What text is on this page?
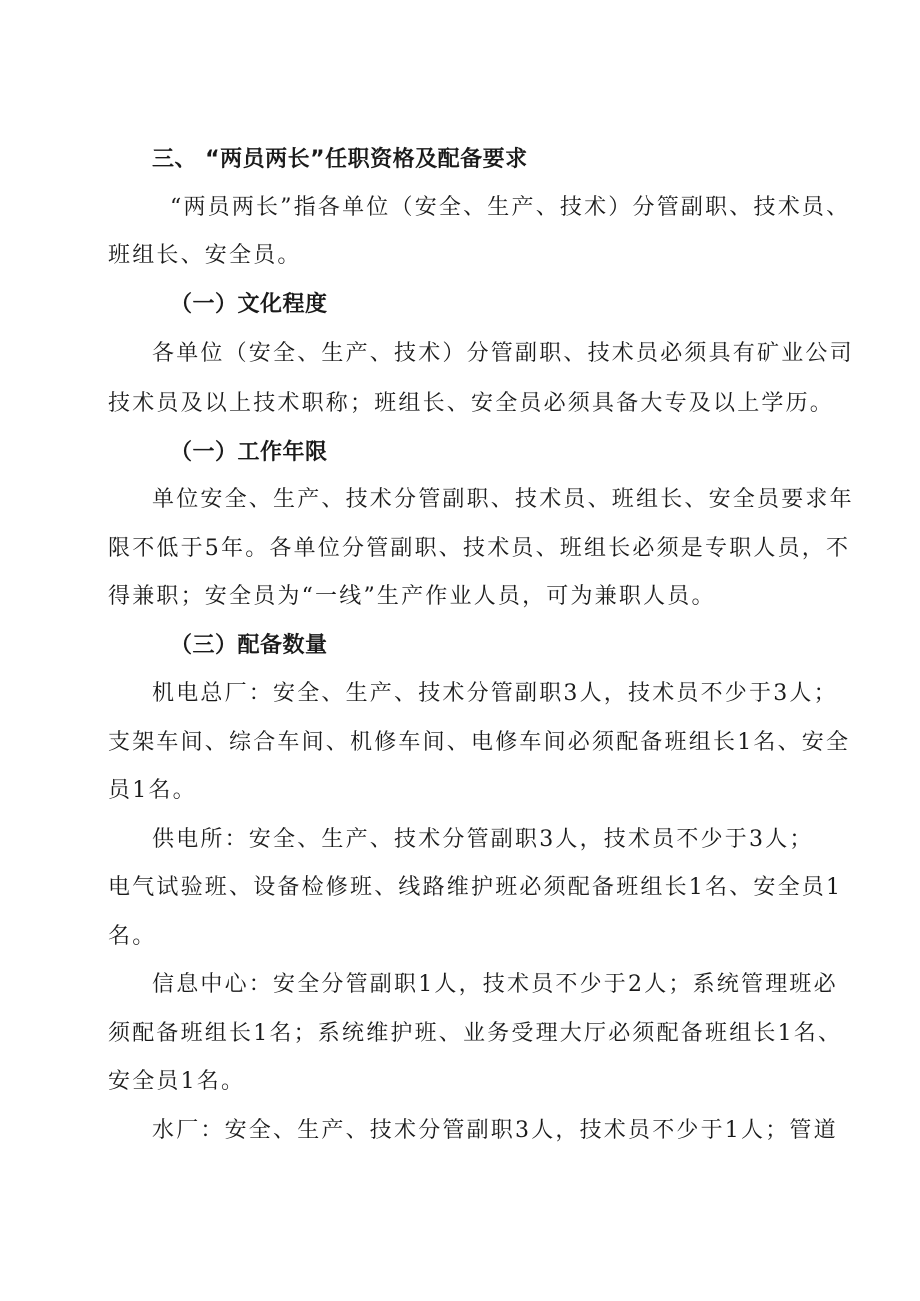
三、 “两员两长”任职资格及配备要求
“两员两长”指各单位（安全、生产、技术）分管副职、技术员、
班组长、安全员。
（一）文化程度
各单位（安全、生产、技术）分管副职、技术员必须具有矿业公司
技术员及以上技术职称；班组长、安全员必须具备大专及以上学历。
（一）工作年限
单位安全、生产、技术分管副职、技术员、班组长、安全员要求年
限不低于5年。各单位分管副职、技术员、班组长必须是专职人员，不
得兼职；安全员为“一线”生产作业人员，可为兼职人员。
（三）配备数量
机电总厂：安全、生产、技术分管副职3人，技术员不少于3人；
支架车间、综合车间、机修车间、电修车间必须配备班组长1名、安全
员1名。
供电所：安全、生产、技术分管副职3人，技术员不少于3人；
电气试验班、设备检修班、线路维护班必须配备班组长1名、安全员1
名。
信息中心：安全分管副职1人，技术员不少于2人；系统管理班必
须配备班组长1名；系统维护班、业务受理大厅必须配备班组长1名、
安全员1名。
水厂：安全、生产、技术分管副职3人，技术员不少于1人；管道
